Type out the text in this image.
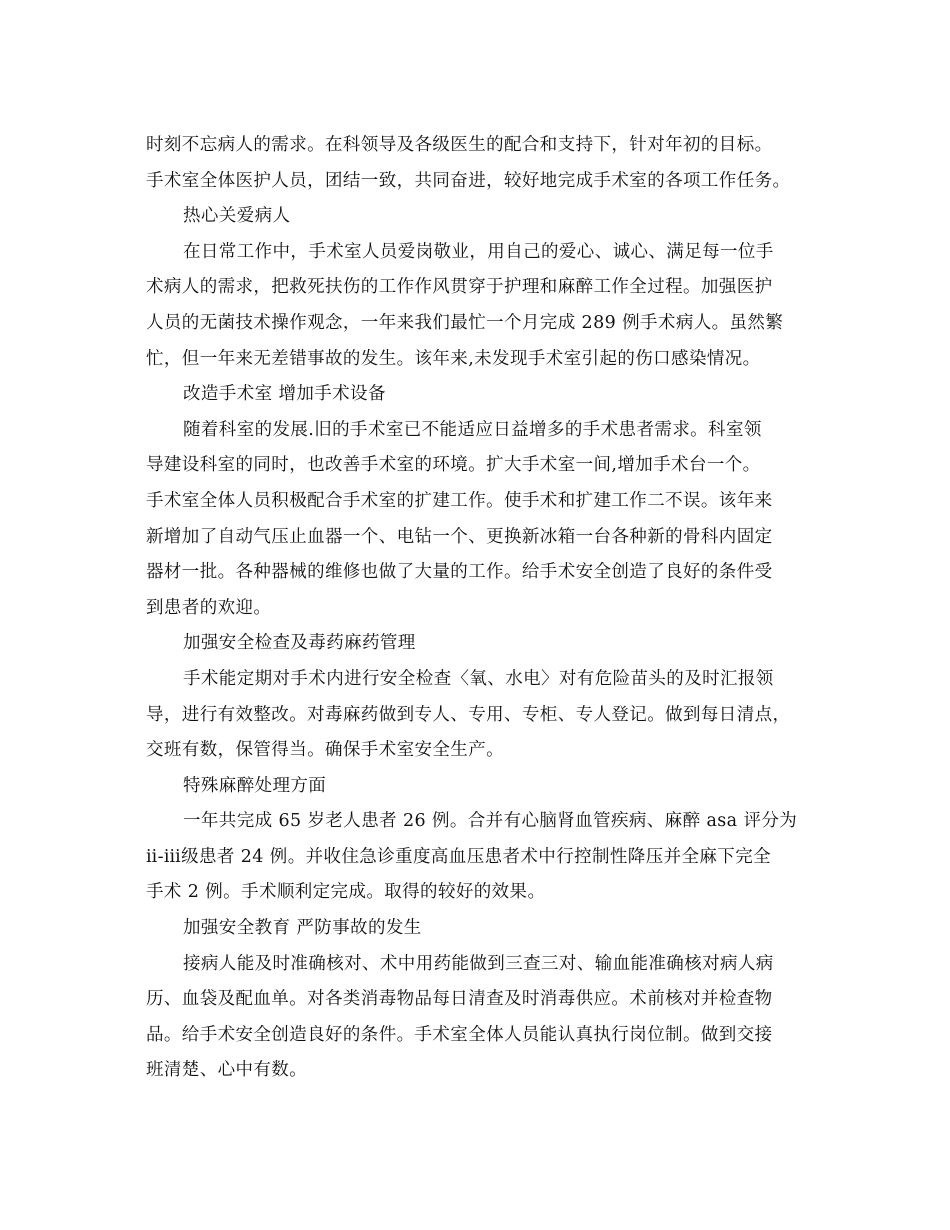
时刻不忘病人的需求。在科领导及各级医生的配合和支持下，针对年初的目标。
手术室全体医护人员，团结一致，共同奋进，较好地完成手术室的各项工作任务。
热心关爱病人
在日常工作中，手术室人员爱岗敬业，用自己的爱心、诚心、满足每一位手
术病人的需求，把救死扶伤的工作作风贯穿于护理和麻醉工作全过程。加强医护
人员的无菌技术操作观念，一年来我们最忙一个月完成 289 例手术病人。虽然繁
忙，但一年来无差错事故的发生。该年来,未发现手术室引起的伤口感染情况。
改造手术室 增加手术设备
随着科室的发展.旧的手术室已不能适应日益增多的手术患者需求。科室领
导建设科室的同时，也改善手术室的环境。扩大手术室一间,增加手术台一个。
手术室全体人员积极配合手术室的扩建工作。使手术和扩建工作二不误。该年来
新增加了自动气压止血器一个、电钻一个、更换新冰箱一台各种新的骨科内固定
器材一批。各种器械的维修也做了大量的工作。给手术安全创造了良好的条件受
到患者的欢迎。
加强安全检查及毒药麻药管理
手术能定期对手术内进行安全检查〈氧、水电〉对有危险苗头的及时汇报领
导，进行有效整改。对毒麻药做到专人、专用、专柜、专人登记。做到每日清点，
交班有数，保管得当。确保手术室安全生产。
特殊麻醉处理方面
一年共完成 65 岁老人患者 26 例。合并有心脑肾血管疾病、麻醉 asa 评分为
ⅱ-ⅲ级患者 24 例。并收住急诊重度高血压患者术中行控制性降压并全麻下完全
手术 2 例。手术顺利定完成。取得的较好的效果。
加强安全教育 严防事故的发生
接病人能及时准确核对、术中用药能做到三查三对、输血能准确核对病人病
历、血袋及配血单。对各类消毒物品每日清查及时消毒供应。术前核对并检查物
品。给手术安全创造良好的条件。手术室全体人员能认真执行岗位制。做到交接
班清楚、心中有数。
